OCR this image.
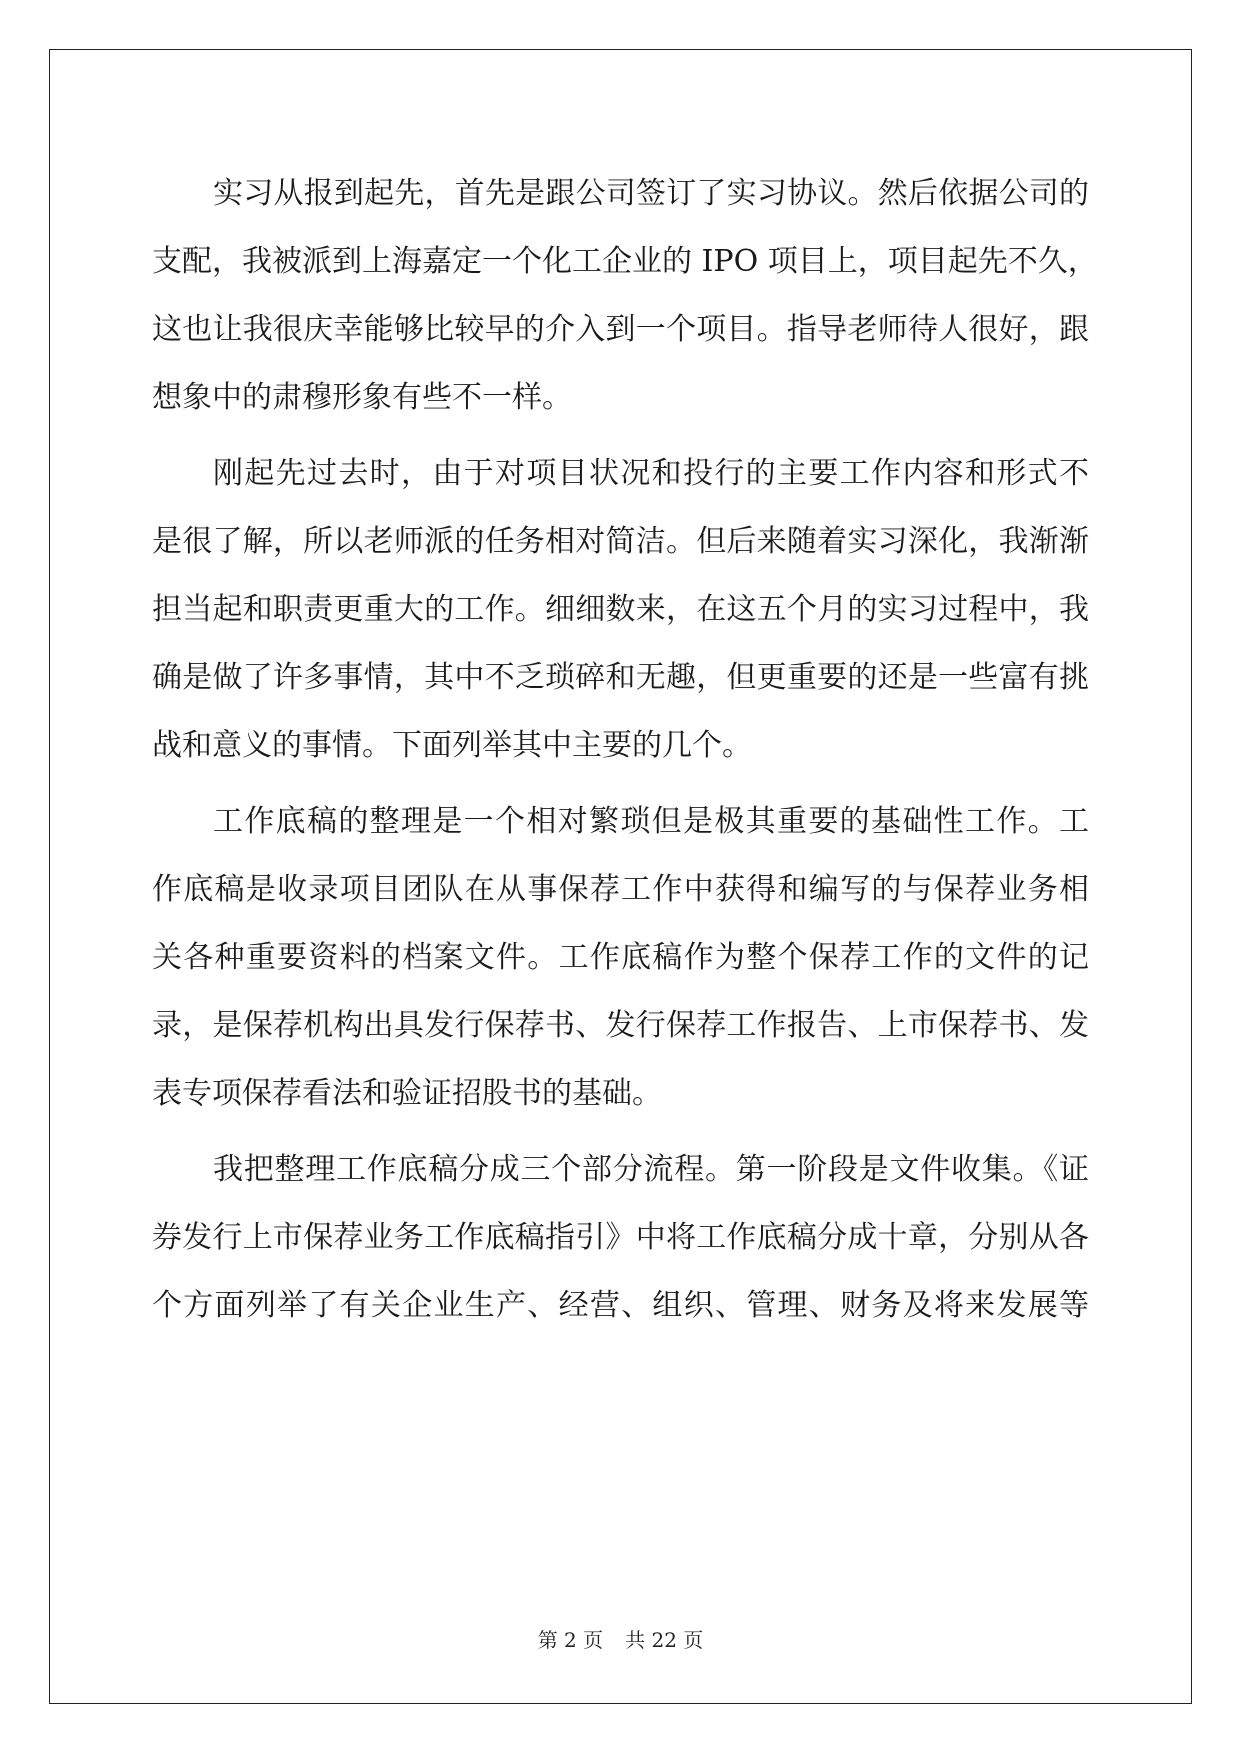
实习从报到起先，首先是跟公司签订了实习协议。然后依据公司的
支配，我被派到上海嘉定一个化工企业的 IPO 项目上，项目起先不久，
这也让我很庆幸能够比较早的介入到一个项目。指导老师待人很好，跟
想象中的肃穆形象有些不一样。
刚起先过去时，由于对项目状况和投行的主要工作内容和形式不
是很了解，所以老师派的任务相对简洁。但后来随着实习深化，我渐渐
担当起和职责更重大的工作。细细数来，在这五个月的实习过程中，我
确是做了许多事情，其中不乏琐碎和无趣，但更重要的还是一些富有挑
战和意义的事情。下面列举其中主要的几个。
工作底稿的整理是一个相对繁琐但是极其重要的基础性工作。工
作底稿是收录项目团队在从事保荐工作中获得和编写的与保荐业务相
关各种重要资料的档案文件。工作底稿作为整个保荐工作的文件的记
录，是保荐机构出具发行保荐书、发行保荐工作报告、上市保荐书、发
表专项保荐看法和验证招股书的基础。
我把整理工作底稿分成三个部分流程。第一阶段是文件收集。《证
券发行上市保荐业务工作底稿指引》中将工作底稿分成十章，分别从各
个方面列举了有关企业生产、经营、组织、管理、财务及将来发展等
第 2 页 共 22 页
